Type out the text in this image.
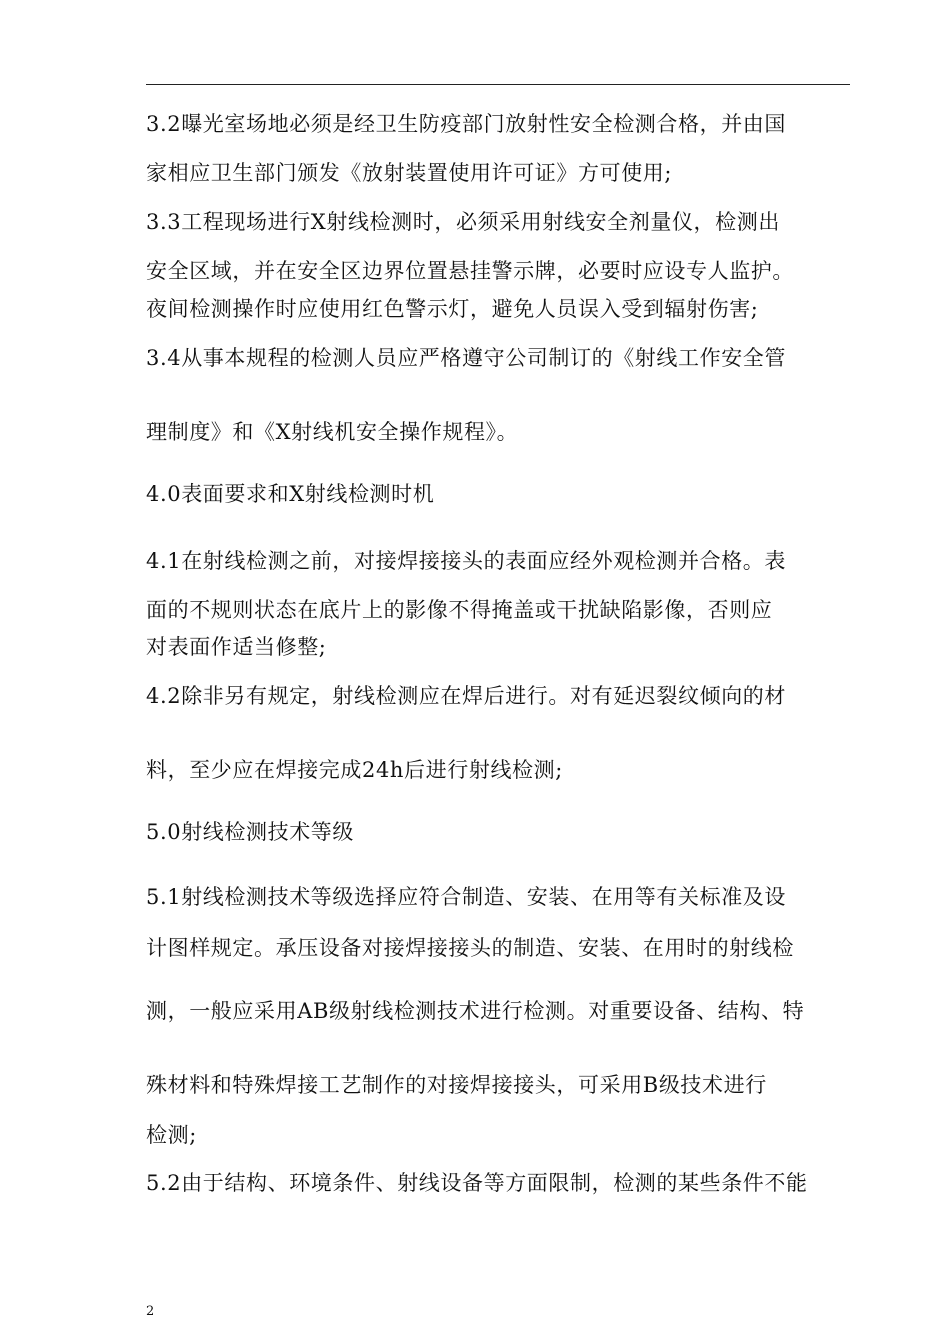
3.2曝光室场地必须是经卫生防疫部门放射性安全检测合格，并由国
家相应卫生部门颁发《放射装置使用许可证》方可使用;
3.3工程现场进行X射线检测时，必须采用射线安全剂量仪，检测出
安全区域，并在安全区边界位置悬挂警示牌，必要时应设专人监护。
夜间检测操作时应使用红色警示灯，避免人员误入受到辐射伤害;
3.4从事本规程的检测人员应严格遵守公司制订的《射线工作安全管
理制度》和《X射线机安全操作规程》。
4.0表面要求和X射线检测时机
4.1在射线检测之前，对接焊接接头的表面应经外观检测并合格。表
面的不规则状态在底片上的影像不得掩盖或干扰缺陷影像，否则应
对表面作适当修整;
4.2除非另有规定，射线检测应在焊后进行。对有延迟裂纹倾向的材
料，至少应在焊接完成24h后进行射线检测;
5.0射线检测技术等级
5.1射线检测技术等级选择应符合制造、安装、在用等有关标准及设
计图样规定。承压设备对接焊接接头的制造、安装、在用时的射线检
测，一般应采用AB级射线检测技术进行检测。对重要设备、结构、特
殊材料和特殊焊接工艺制作的对接焊接接头，可采用B级技术进行
检测;
5.2由于结构、环境条件、射线设备等方面限制，检测的某些条件不能
2
